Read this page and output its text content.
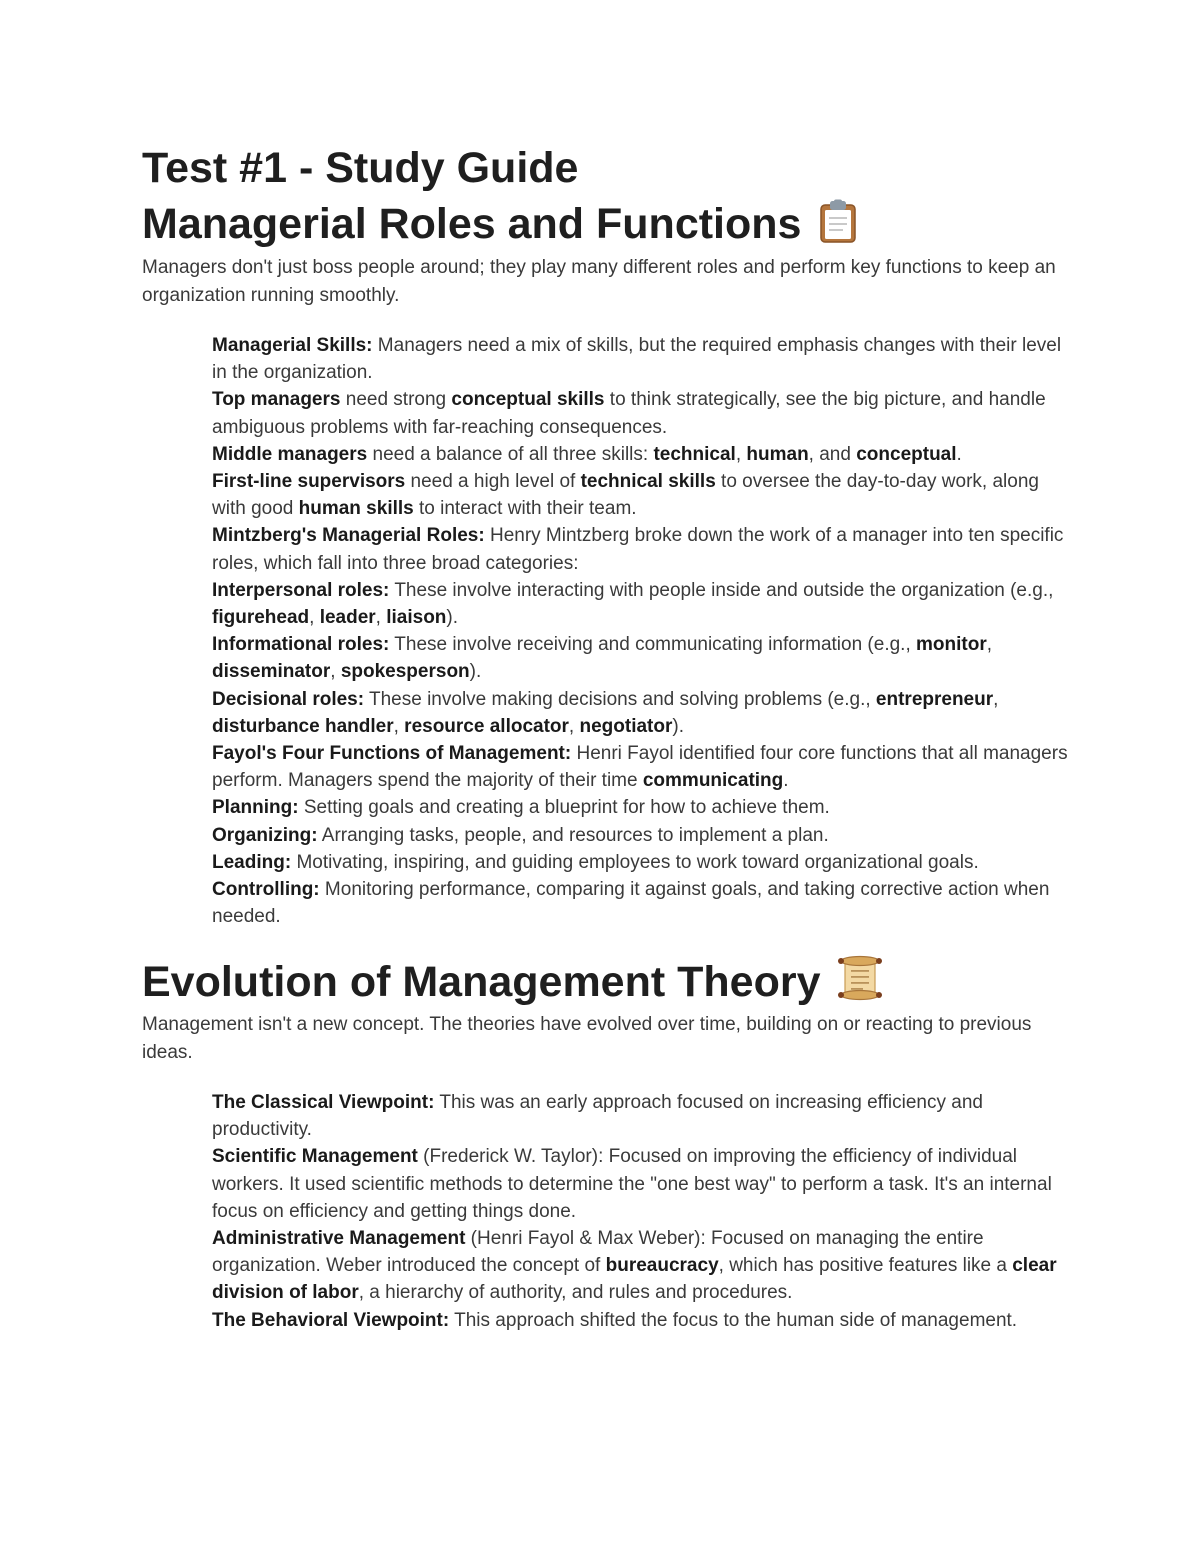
Test #1 - Study Guide
Managerial Roles and Functions

Managers don't just boss people around; they play many different roles and perform key functions to keep an organization running smoothly.

Managerial Skills: Managers need a mix of skills, but the required emphasis changes with their level in the organization.

Top managers need strong conceptual skills to think strategically, see the big picture, and handle ambiguous problems with far-reaching consequences.

Middle managers need a balance of all three skills: technical, human, and conceptual.

First-line supervisors need a high level of technical skills to oversee the day-to-day work, along with good human skills to interact with their team.

Mintzberg's Managerial Roles: Henry Mintzberg broke down the work of a manager into ten specific roles, which fall into three broad categories:

Interpersonal roles: These involve interacting with people inside and outside the organization (e.g., figurehead, leader, liaison).

Informational roles: These involve receiving and communicating information (e.g., monitor, disseminator, spokesperson).

Decisional roles: These involve making decisions and solving problems (e.g., entrepreneur, disturbance handler, resource allocator, negotiator).

Fayol's Four Functions of Management: Henri Fayol identified four core functions that all managers perform. Managers spend the majority of their time communicating.

Planning: Setting goals and creating a blueprint for how to achieve them.

Organizing: Arranging tasks, people, and resources to implement a plan.

Leading: Motivating, inspiring, and guiding employees to work toward organizational goals.

Controlling: Monitoring performance, comparing it against goals, and taking corrective action when needed.

Evolution of Management Theory

Management isn't a new concept. The theories have evolved over time, building on or reacting to previous ideas.

The Classical Viewpoint: This was an early approach focused on increasing efficiency and productivity.

Scientific Management (Frederick W. Taylor): Focused on improving the efficiency of individual workers. It used scientific methods to determine the "one best way" to perform a task. It's an internal focus on efficiency and getting things done.

Administrative Management (Henri Fayol & Max Weber): Focused on managing the entire organization. Weber introduced the concept of bureaucracy, which has positive features like a clear division of labor, a hierarchy of authority, and rules and procedures.

The Behavioral Viewpoint: This approach shifted the focus to the human side of management.
